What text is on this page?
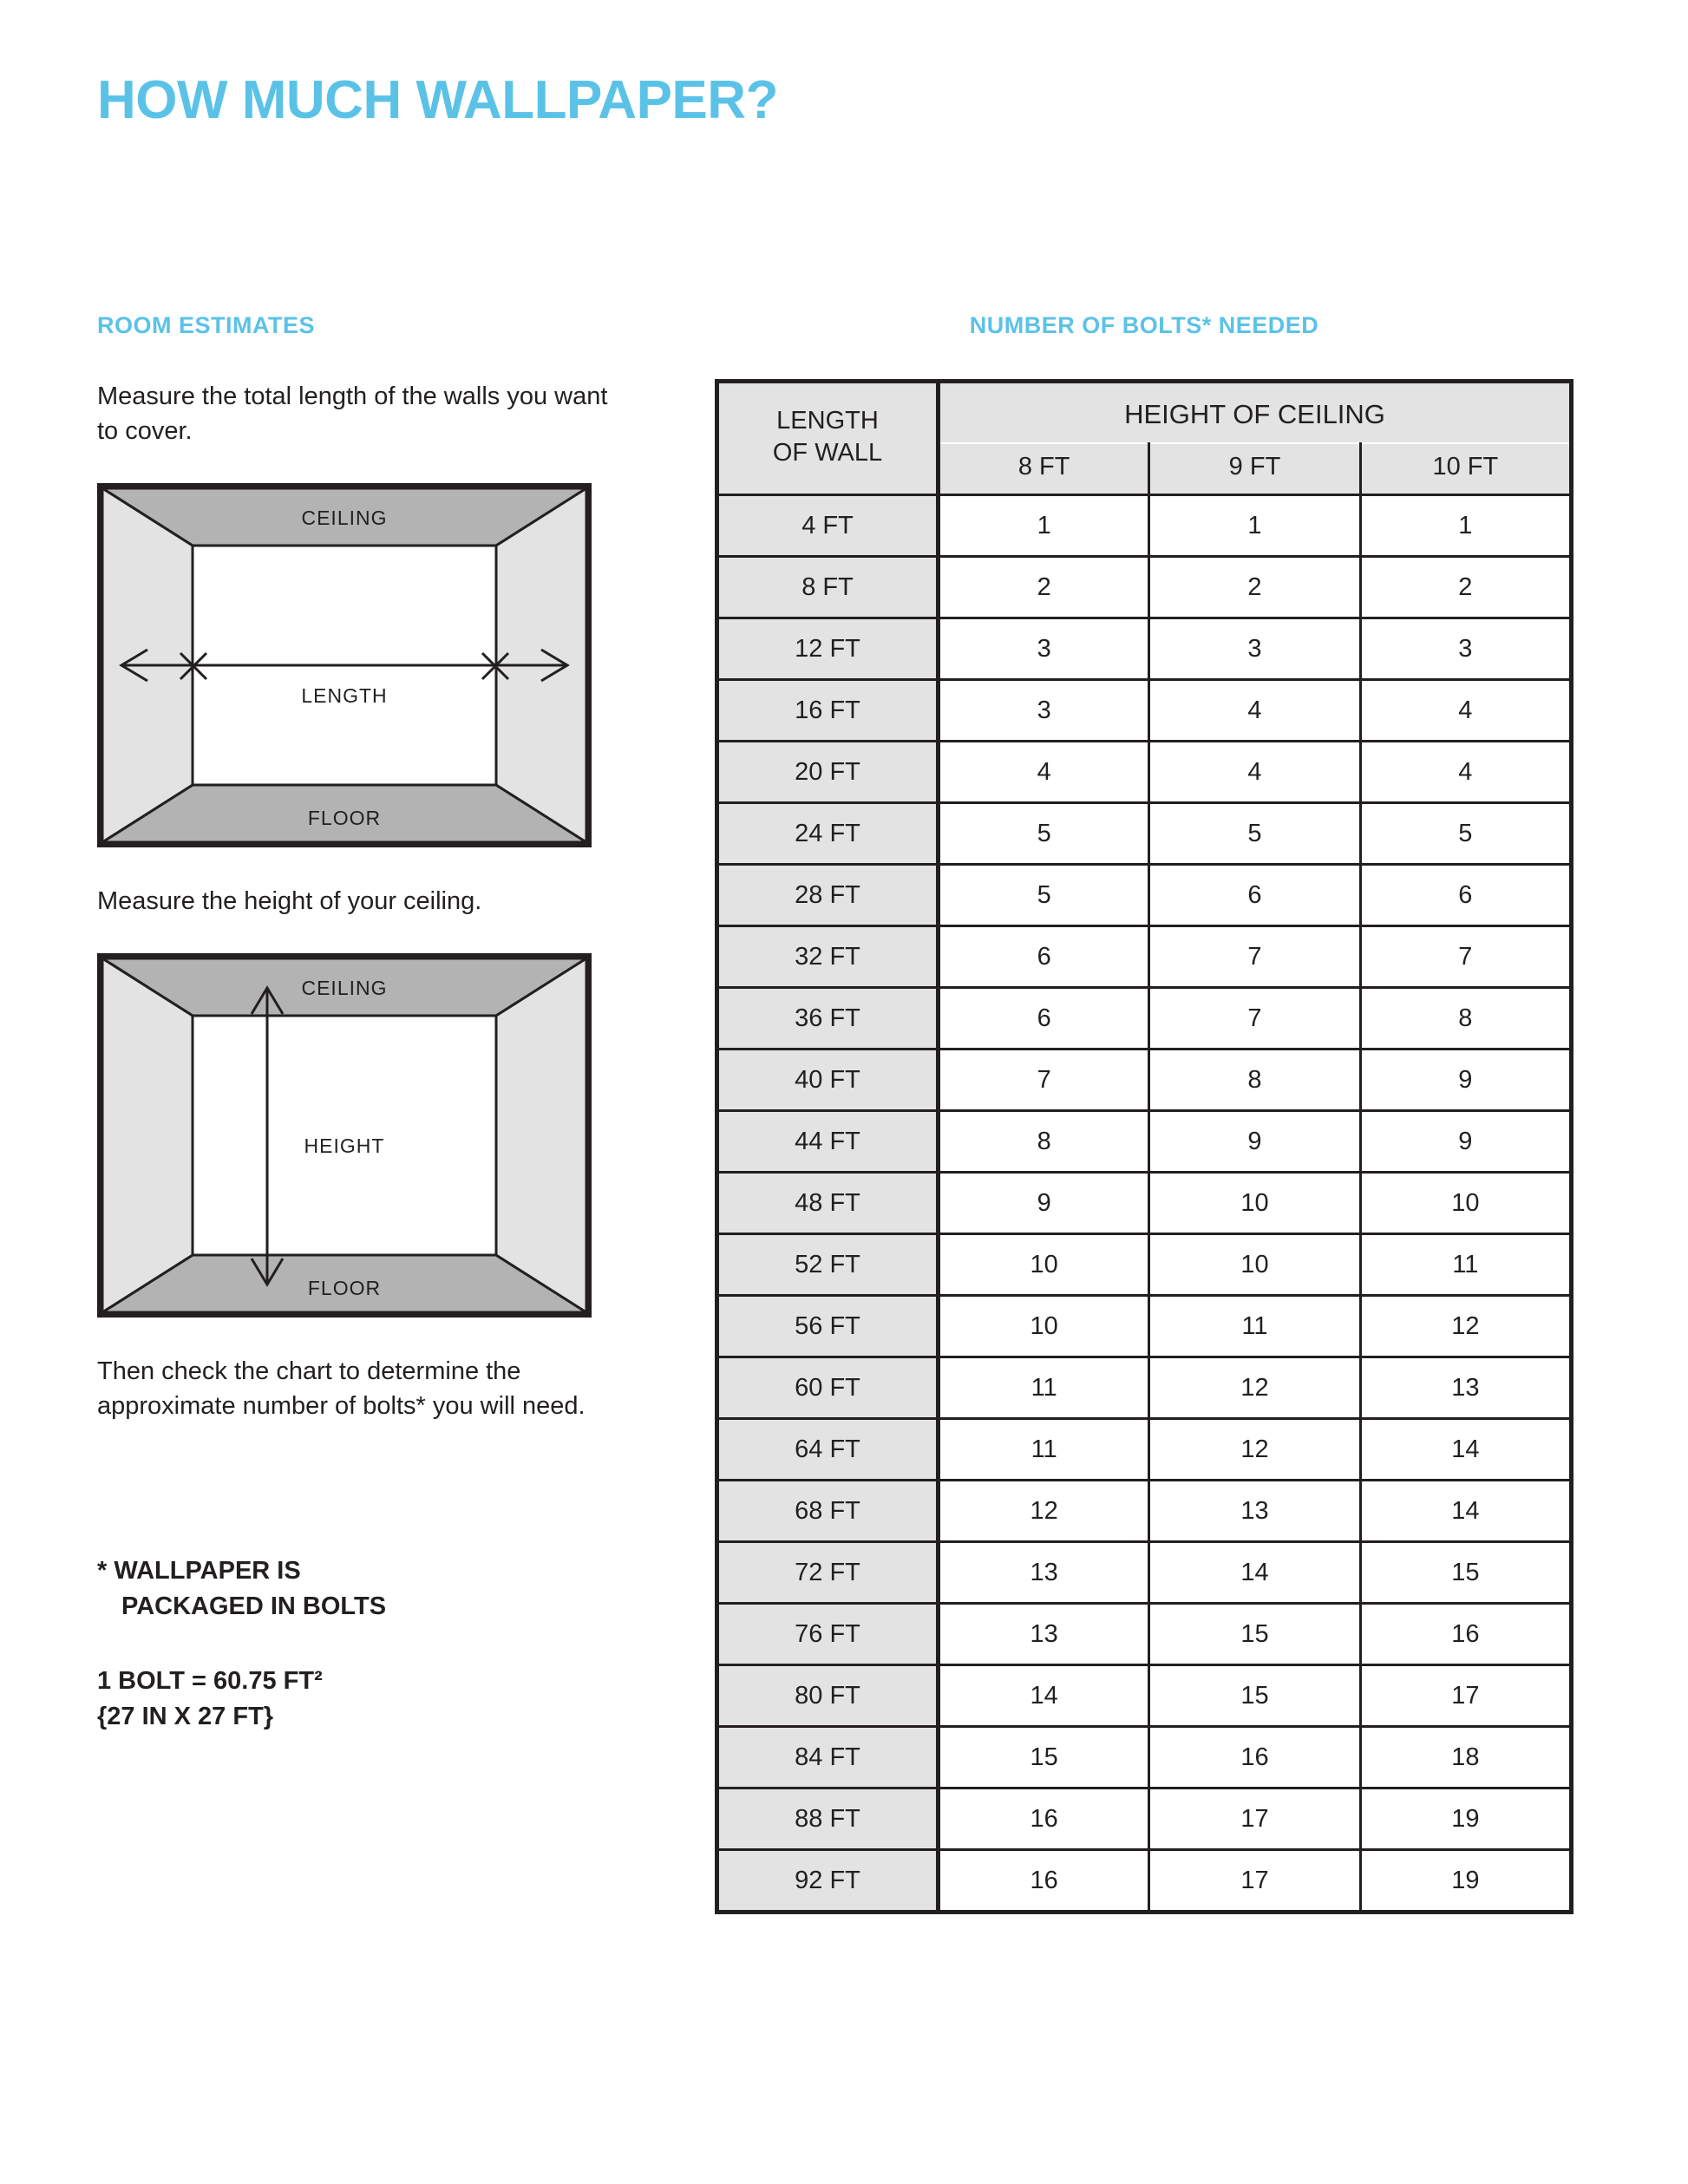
HOW MUCH WALLPAPER?
ROOM ESTIMATES

Measure the total length of the walls you want to cover.

LENGTH
CEILING
FLOOR

Measure the height of your ceiling.

HEIGHT
CEILING
FLOOR

Then check the chart to determine the approximate number of bolts* you will need.

* WALLPAPER IS

PACKAGED IN BOLTS

1 BOLT = 60.75 FT²

{27 IN X 27 FT}

NUMBER OF BOLTS* NEEDED
LENGTH
OF WALL	HEIGHT OF CEILING		
	8 FT	9 FT	10 FT
4 FT	1	1	1
8 FT	2	2	2
12 FT	3	3	3
16 FT	3	4	4
20 FT	4	4	4
24 FT	5	5	5
28 FT	5	6	6
32 FT	6	7	7
36 FT	6	7	8
40 FT	7	8	9
44 FT	8	9	9
48 FT	9	10	10
52 FT	10	10	11
56 FT	10	11	12
60 FT	11	12	13
64 FT	11	12	14
68 FT	12	13	14
72 FT	13	14	15
76 FT	13	15	16
80 FT	14	15	17
84 FT	15	16	18
88 FT	16	17	19
92 FT	16	17	19
